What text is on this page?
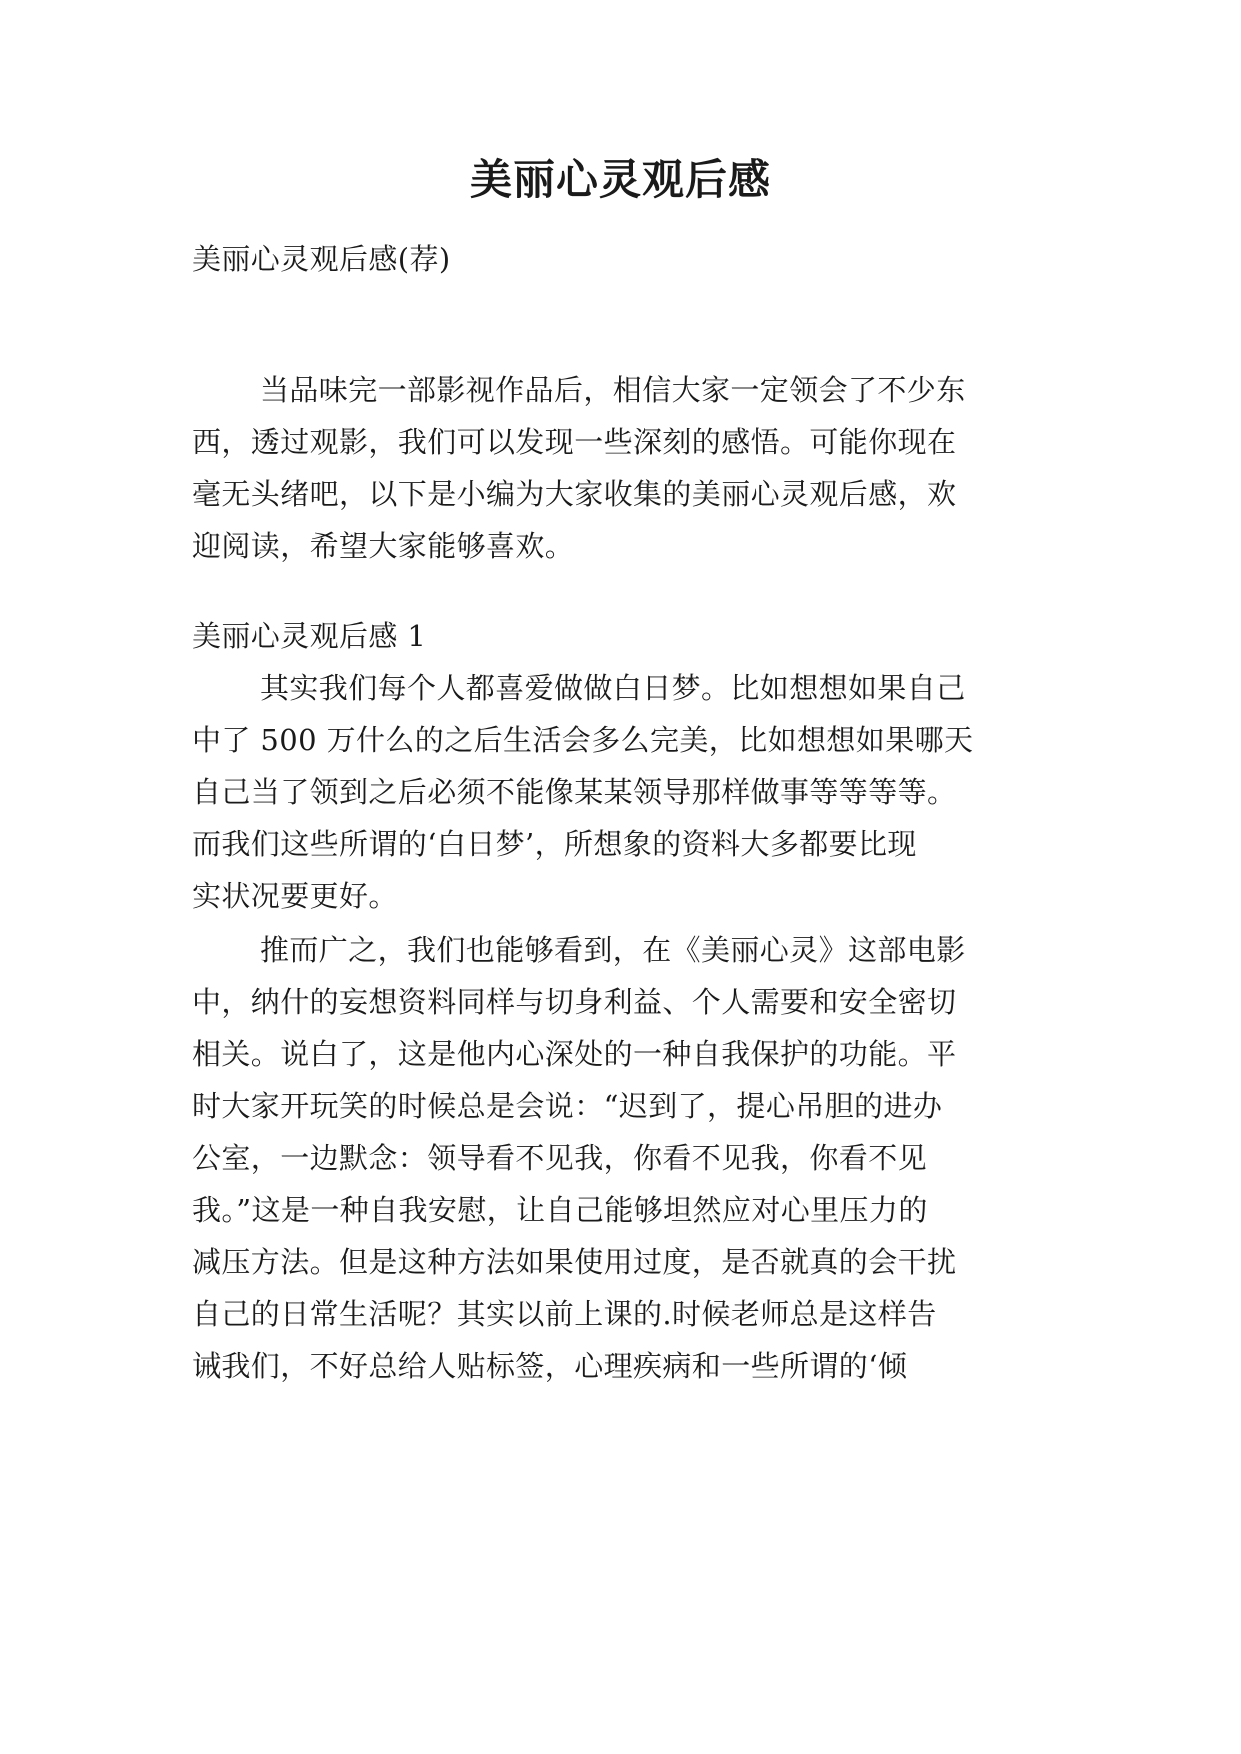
美丽心灵观后感
美丽心灵观后感(荐)
当品味完一部影视作品后，相信大家一定领会了不少东
西，透过观影，我们可以发现一些深刻的感悟。可能你现在
毫无头绪吧，以下是小编为大家收集的美丽心灵观后感，欢
迎阅读，希望大家能够喜欢。
美丽心灵观后感 1
其实我们每个人都喜爱做做白日梦。比如想想如果自己
中了 500 万什么的之后生活会多么完美，比如想想如果哪天
自己当了领到之后必须不能像某某领导那样做事等等等等。
而我们这些所谓的‘白日梦’，所想象的资料大多都要比现
实状况要更好。
推而广之，我们也能够看到，在《美丽心灵》这部电影
中，纳什的妄想资料同样与切身利益、个人需要和安全密切
相关。说白了，这是他内心深处的一种自我保护的功能。平
时大家开玩笑的时候总是会说：“迟到了，提心吊胆的进办
公室，一边默念：领导看不见我，你看不见我，你看不见
我。”这是一种自我安慰，让自己能够坦然应对心里压力的
减压方法。但是这种方法如果使用过度，是否就真的会干扰
自己的日常生活呢？其实以前上课的.时候老师总是这样告
诫我们，不好总给人贴标签，心理疾病和一些所谓的‘倾
